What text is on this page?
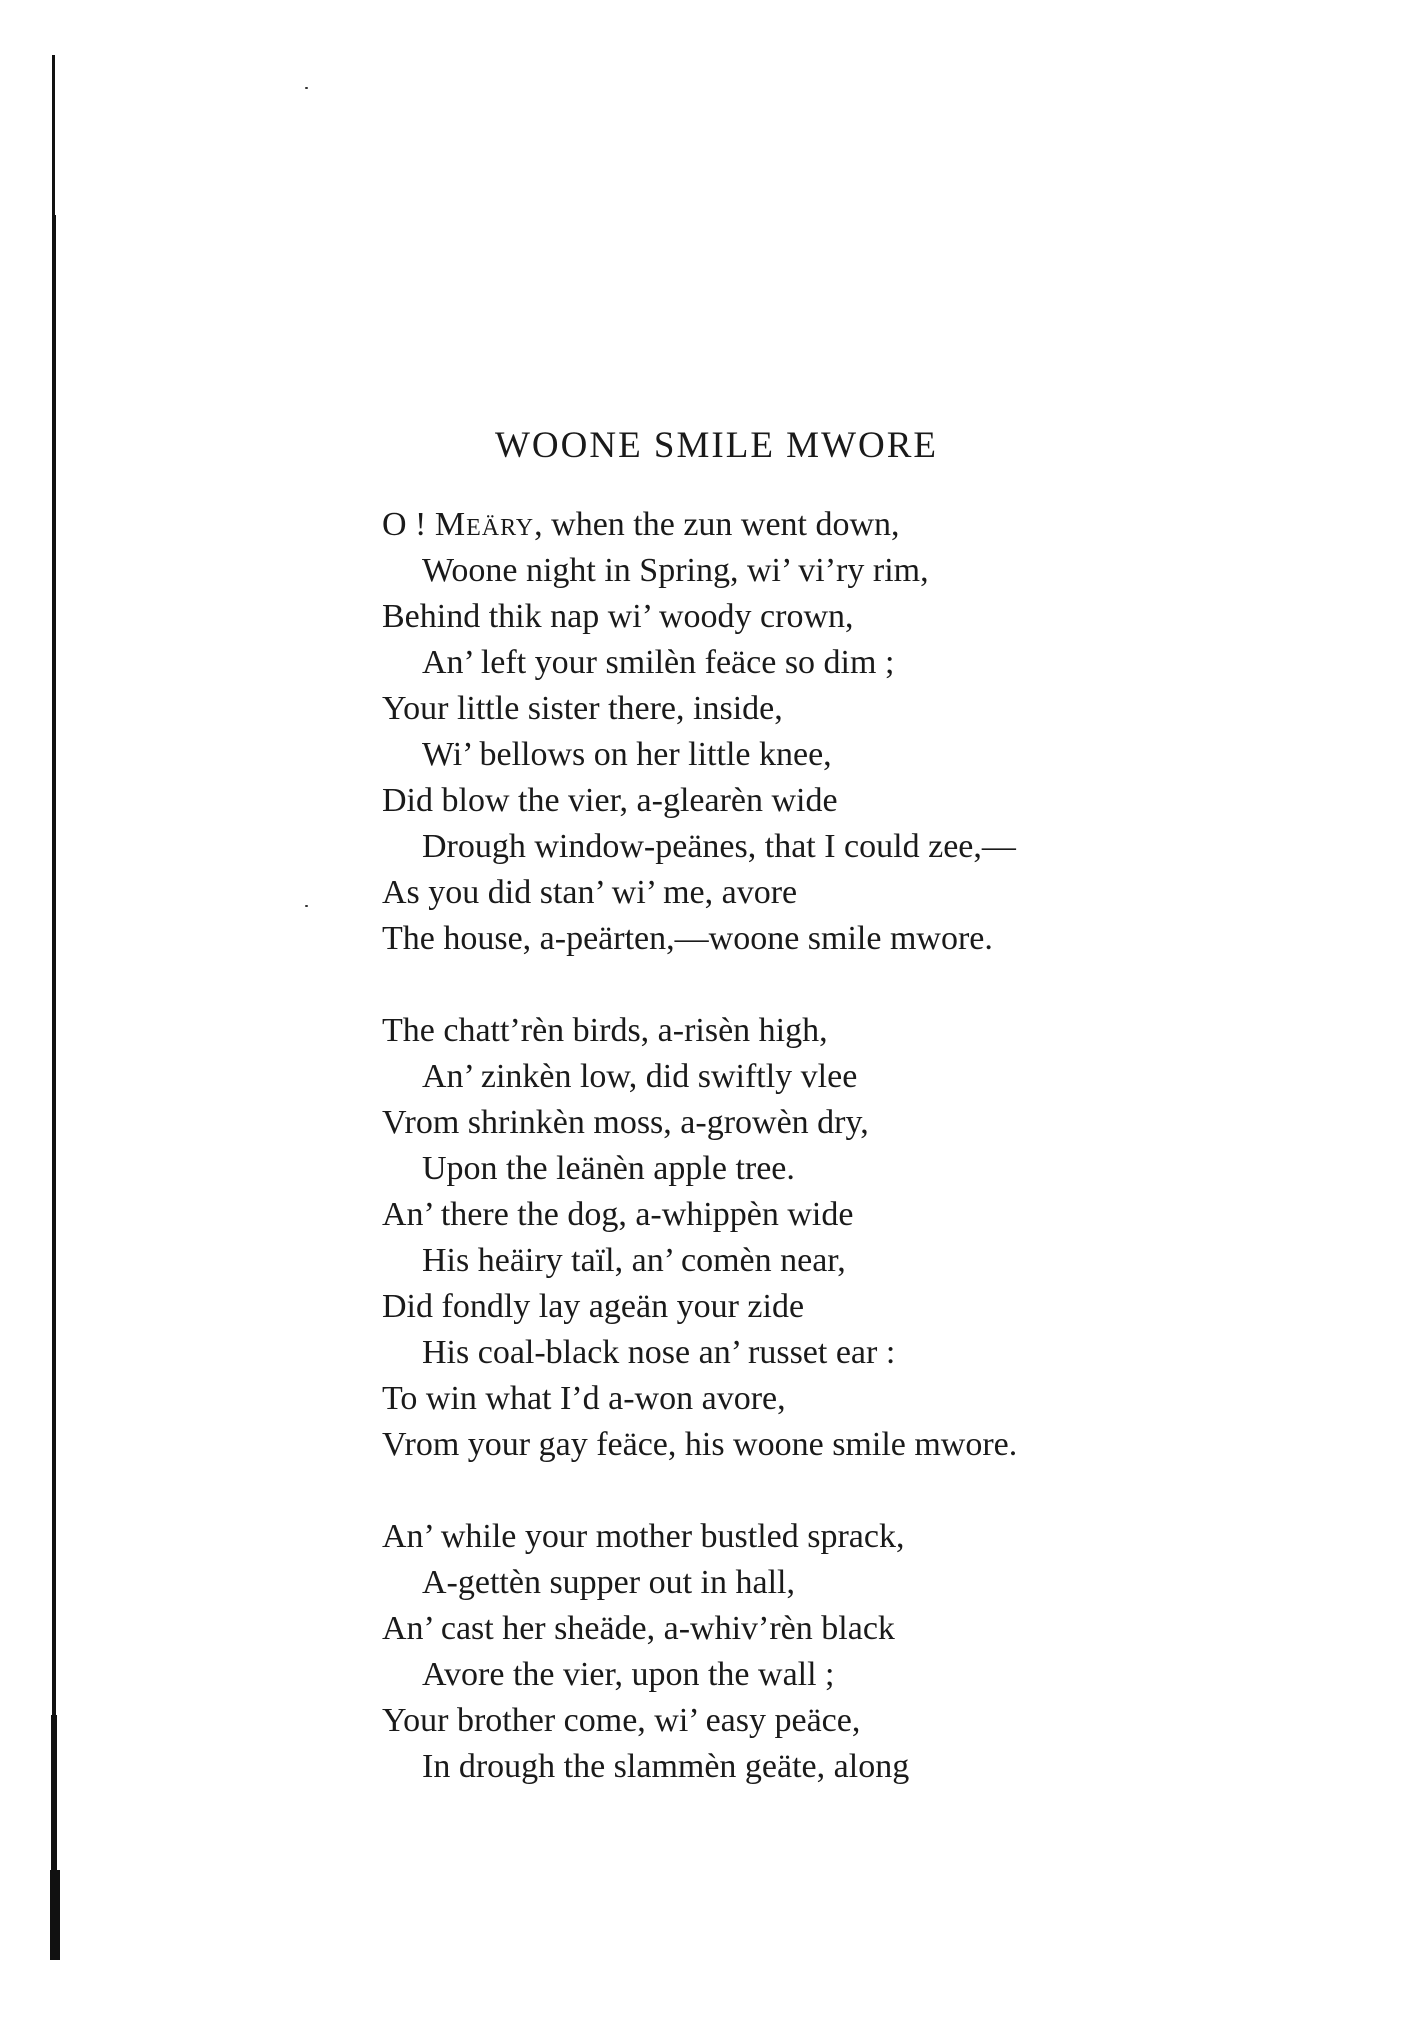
WOONE SMILE MWORE
O ! Meäry, when the zun went down,
Woone night in Spring, wi’ vi’ry rim,
Behind thik nap wi’ woody crown,
An’ left your smilèn feäce so dim ;
Your little sister there, inside,
Wi’ bellows on her little knee,
Did blow the vier, a-glearèn wide
Drough window-peänes, that I could zee,—
As you did stan’ wi’ me, avore
The house, a-peärten,—woone smile mwore.
The chatt’rèn birds, a-risèn high,
An’ zinkèn low, did swiftly vlee
Vrom shrinkèn moss, a-growèn dry,
Upon the leänèn apple tree.
An’ there the dog, a-whippèn wide
His heäiry taïl, an’ comèn near,
Did fondly lay ageän your zide
His coal-black nose an’ russet ear :
To win what I’d a-won avore,
Vrom your gay feäce, his woone smile mwore.
An’ while your mother bustled sprack,
A-gettèn supper out in hall,
An’ cast her sheäde, a-whiv’rèn black
Avore the vier, upon the wall ;
Your brother come, wi’ easy peäce,
In drough the slammèn geäte, along
